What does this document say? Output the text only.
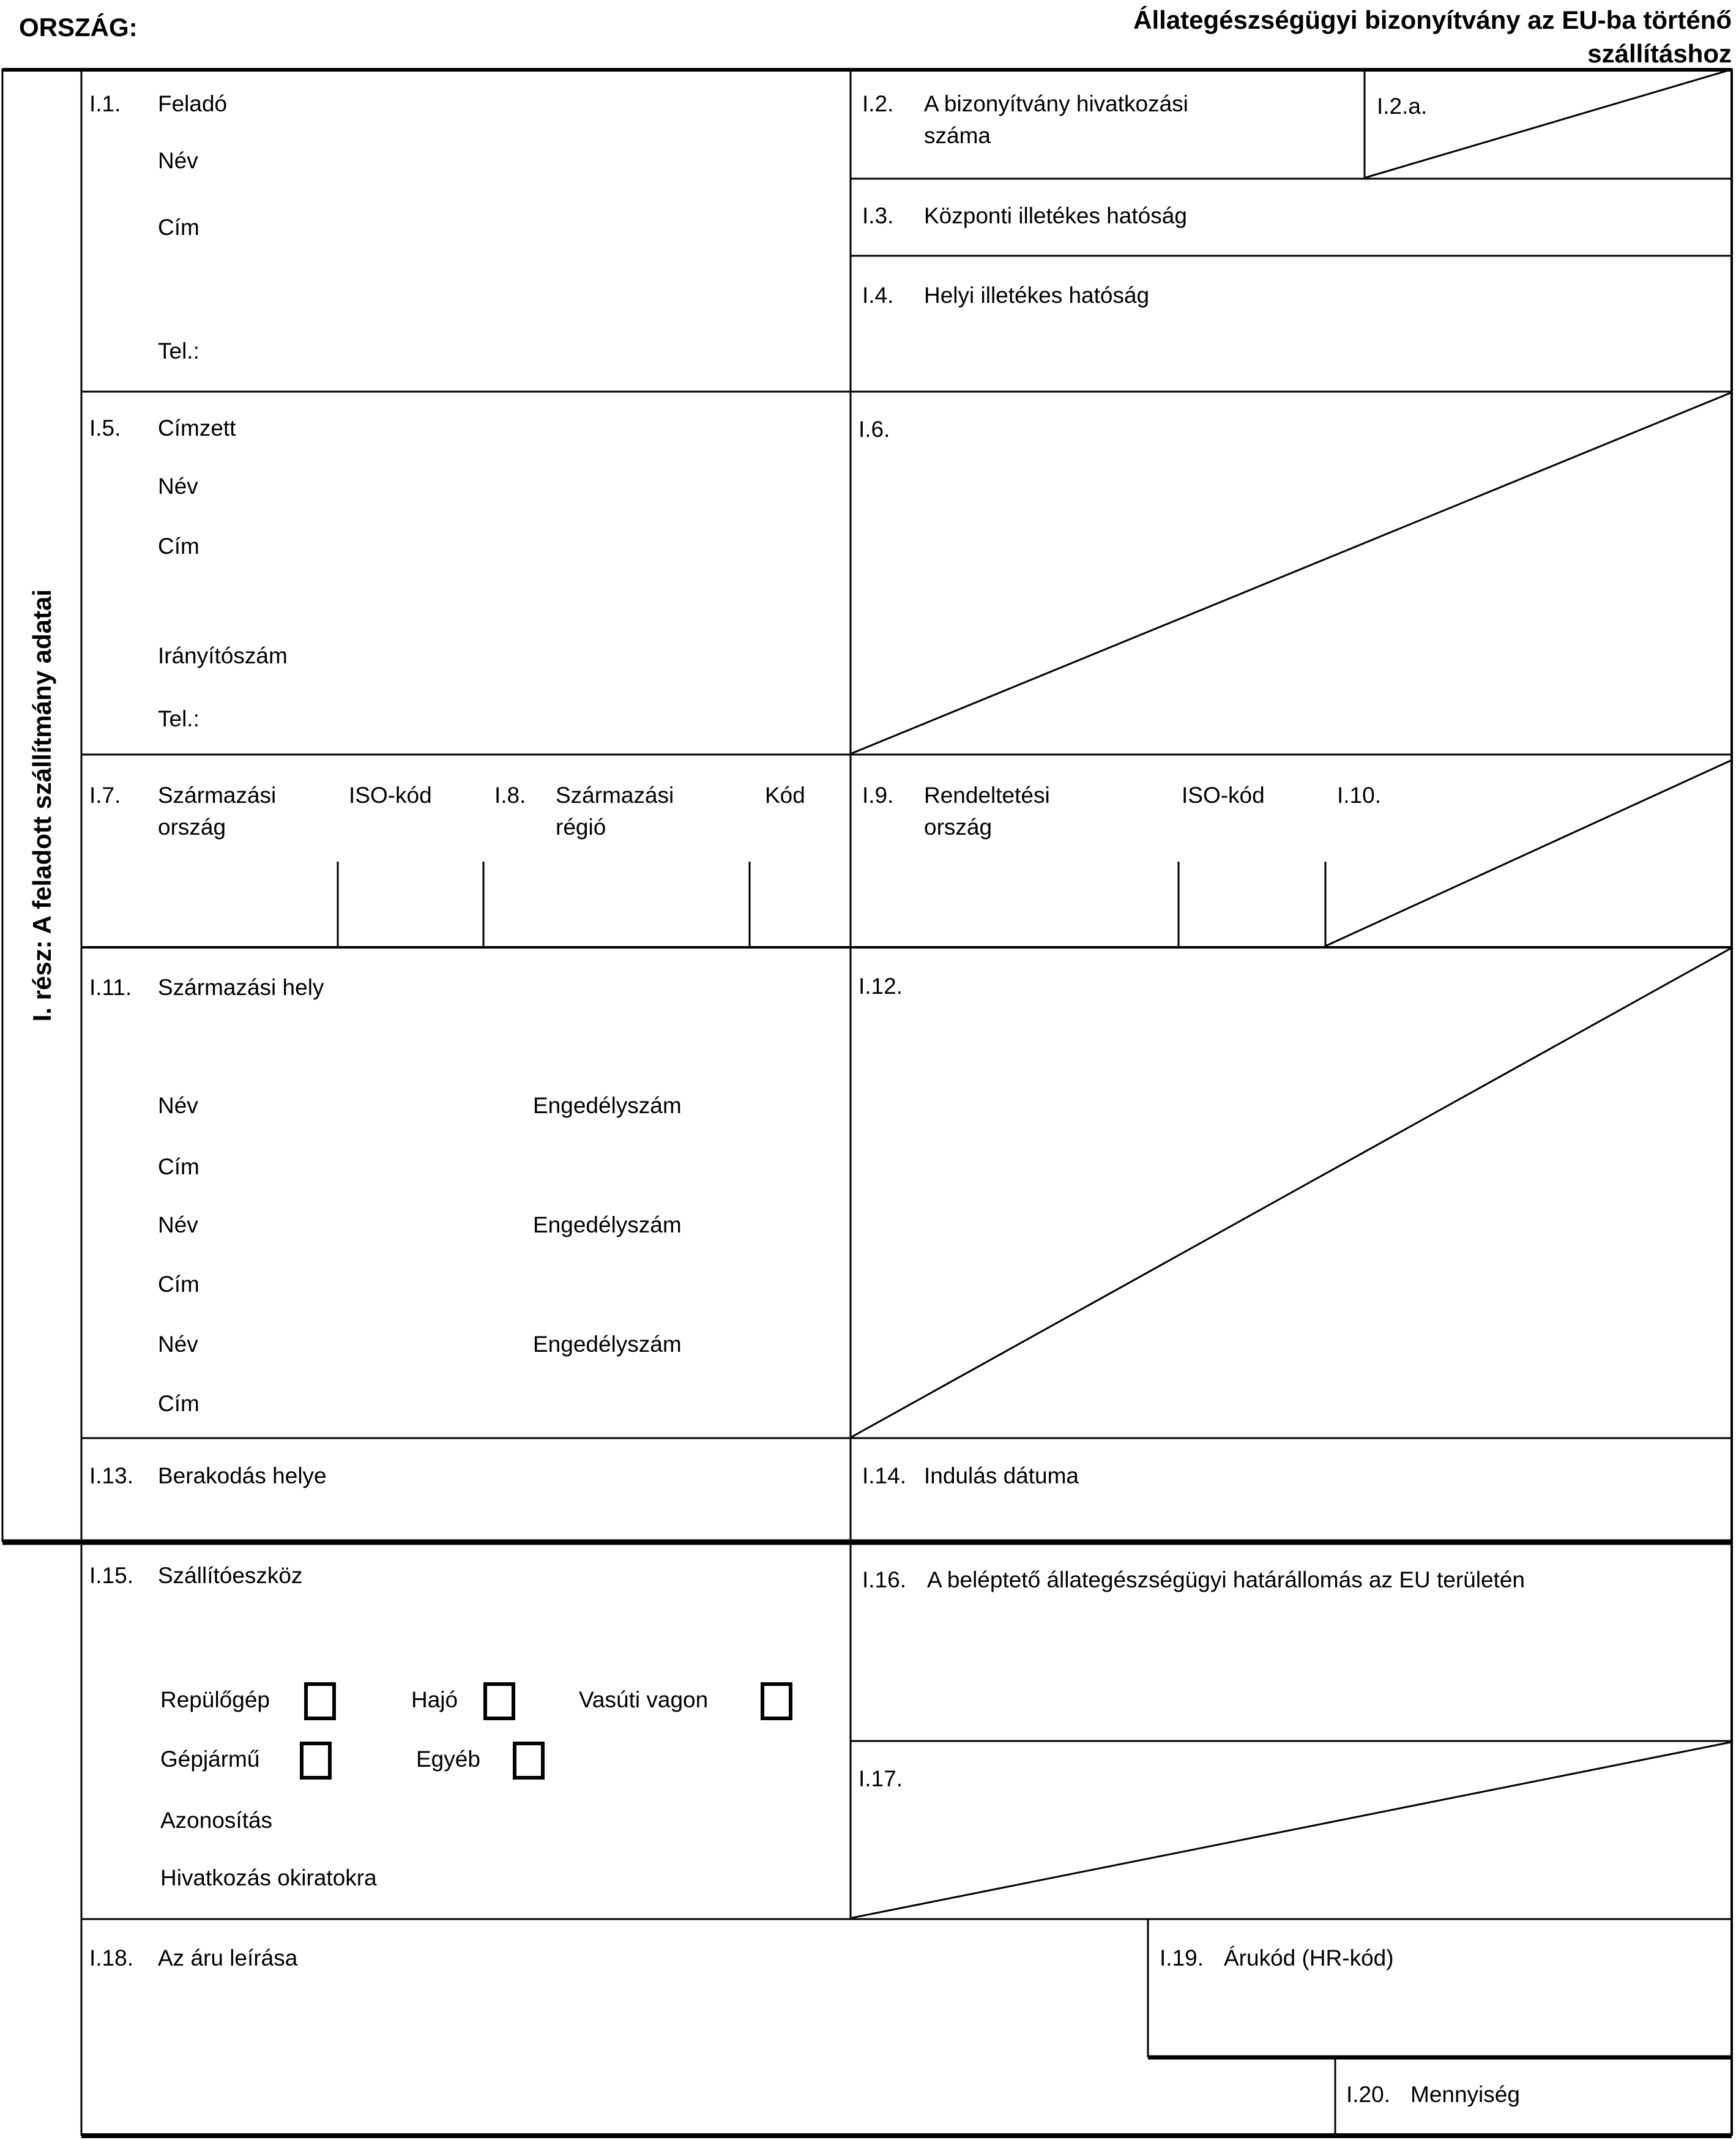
ORSZÁG:	Állategészségügyi bizonyítvány az EU-ba történő
szállításhoz
I. rész: A feladott szállítmány adatai
I.1. Feladó
Név
Cím
Tel.:
I.2. A bizonyítvány hivatkozási száma
I.2.a.
I.3. Központi illetékes hatóság
I.4. Helyi illetékes hatóság
I.5. Címzett
Név
Cím
Irányítószám
Tel.:
I.6.
I.7. Származási ország
ISO-kód	I.8. Származási régió
Kód	I.9. Rendeltetési ország
ISO-kód	I.10.
I.11. Származási hely
Név	Engedélyszám
Cím
Név	Engedélyszám
Cím
Név	Engedélyszám
Cím
I.12.
I.13. Berakodás helye	I.14. Indulás dátuma
I.15. Szállítóeszköz
Repülőgép	Hajó	Vasúti vagon
Gépjármű	Egyéb
Azonosítás
Hivatkozás okiratokra
I.16. A beléptető állategészségügyi határállomás az EU területén
I.17.
I.18. Az áru leírása	I.19. Árukód (HR-kód)
I.20. Mennyiség
